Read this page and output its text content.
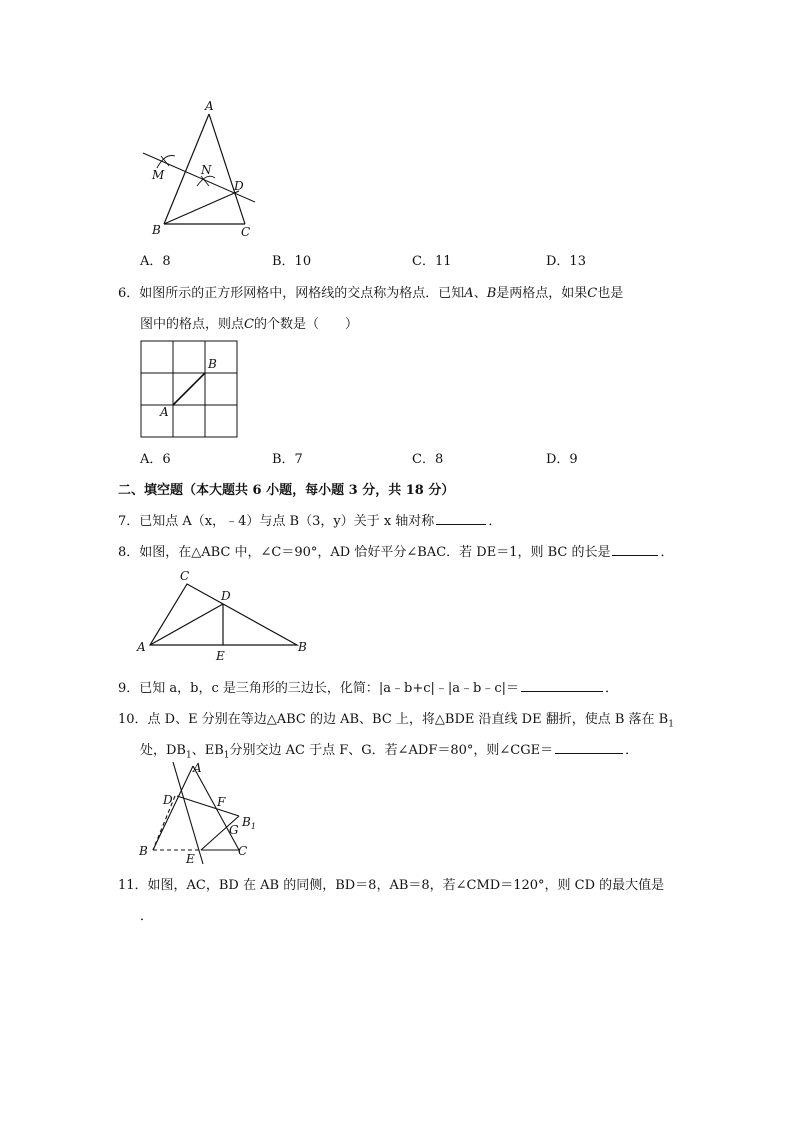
A
M	N
D
B	C
A．8	B．10	C．11	D．13
6．如图所示的正方形网格中，网格线的交点称为格点．已知A、B是两格点，如果C也是
图中的格点，则点C的个数是（　　）
B
A
A．6	B．7	C．8	D．9
二、填空题（本大题共 6 小题，每小题 3 分，共 18 分）
7．已知点 A（x，﹣4）与点 B（3，y）关于 x 轴对称	．
8．如图，在△ABC 中，∠C＝90°，AD 恰好平分∠BAC．若 DE＝1，则 BC 的长是	．
C
D
A
E
B
9．已知 a，b，c 是三角形的三边长，化简：|a﹣b+c|﹣|a﹣b﹣c|＝	．
10．点 D、E 分别在等边△ABC 的边 AB、BC 上，将△BDE 沿直线 DE 翻折，使点 B 落在 $B_1$
处，$DB_1$、$EB_1$分别交边 AC 于点 F、G．若∠ADF＝80°，则∠CGE＝	．
A
D	F
$B_1$
G
B
E
C
11．如图，AC，BD 在 AB 的同侧，BD＝8，AB＝8，若∠CMD＝120°，则 CD 的最大值是
．
